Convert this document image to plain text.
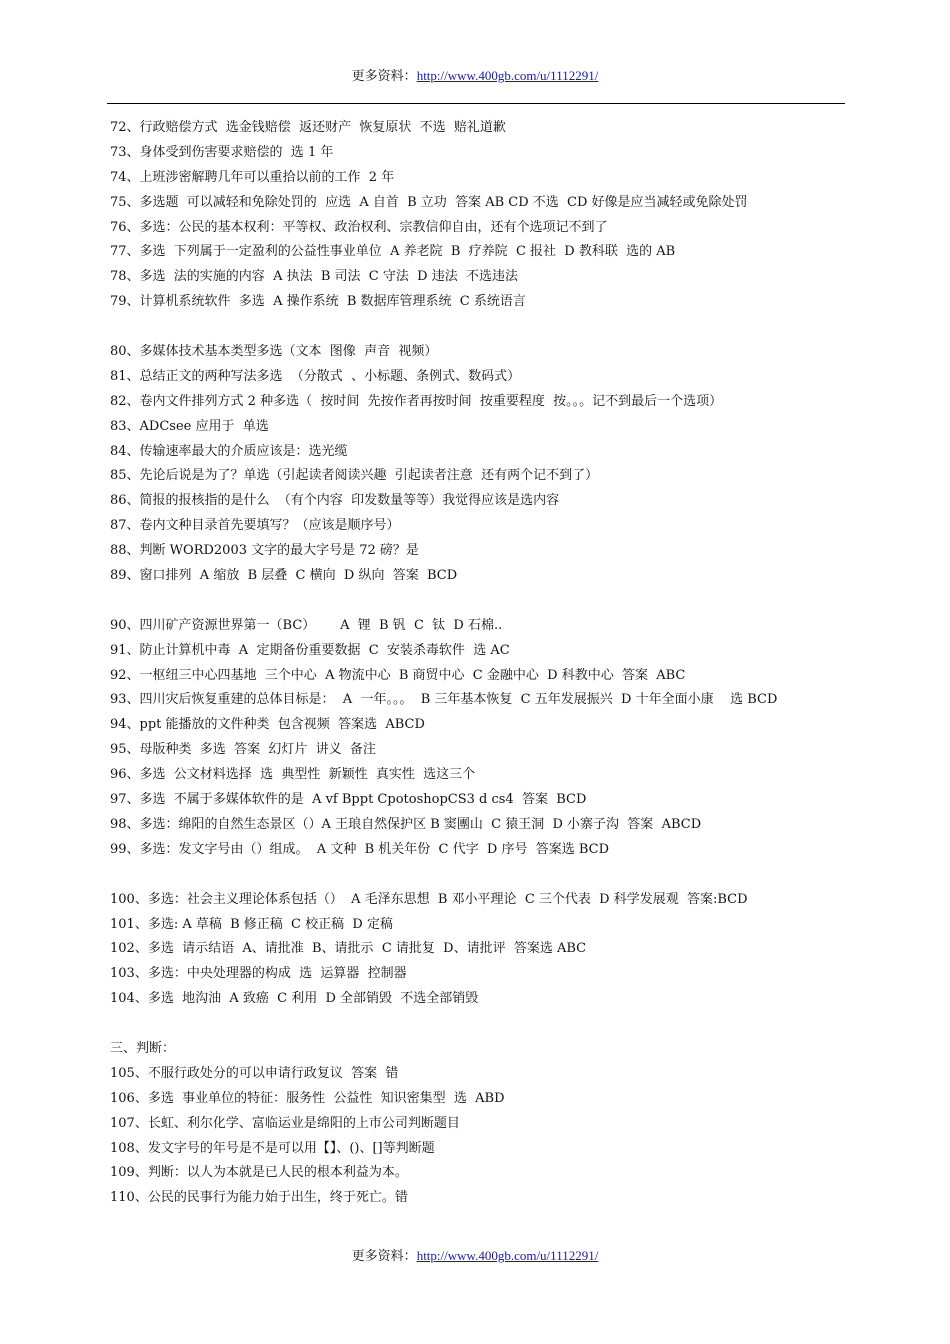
更多资料：http://www.400gb.com/u/1112291/
72、行政赔偿方式  选金钱赔偿  返还财产  恢复原状  不选  赔礼道歉
73、身体受到伤害要求赔偿的  选 1 年
74、上班涉密解聘几年可以重拾以前的工作  2 年
75、多选题  可以减轻和免除处罚的  应选  A 自首  B 立功  答案 AB CD 不选  CD 好像是应当减轻或免除处罚
76、多选：公民的基本权利：平等权、政治权利、宗教信仰自由，还有个选项记不到了
77、多选  下列属于一定盈利的公益性事业单位  A 养老院  B  疗养院  C 报社  D 教科联  选的 AB
78、多选  法的实施的内容  A 执法  B 司法  C 守法  D 违法  不选违法
79、计算机系统软件  多选  A 操作系统  B 数据库管理系统  C 系统语言
80、多媒体技术基本类型多选（文本  图像  声音  视频）
81、总结正文的两种写法多选  （分散式  、小标题、条例式、数码式）
82、卷内文件排列方式 2 种多选（  按时间  先按作者再按时间  按重要程度  按。。。记不到最后一个选项）
83、ADCsee 应用于  单选
84、传输速率最大的介质应该是：选光缆
85、先论后说是为了？单选（引起读者阅读兴趣  引起读者注意  还有两个记不到了）
86、简报的报核指的是什么  （有个内容  印发数量等等）我觉得应该是选内容
87、卷内文种目录首先要填写？（应该是顺序号）
88、判断 WORD2003 文字的最大字号是 72 磅？是
89、窗口排列  A 缩放  B 层叠  C 横向  D 纵向  答案  BCD
90、四川矿产资源世界第一（BC）      A  锂  B 钒  C  钛  D 石棉..
91、防止计算机中毒  A  定期备份重要数据  C  安装杀毒软件  选 AC
92、一枢纽三中心四基地  三个中心  A 物流中心  B 商贸中心  C 金融中心  D 科教中心  答案  ABC
93、四川灾后恢复重建的总体目标是：  A  一年。。。  B 三年基本恢复  C 五年发展振兴  D 十年全面小康    选 BCD
94、ppt 能播放的文件种类  包含视频  答案选  ABCD
95、母版种类  多选  答案  幻灯片  讲义  备注
96、多选  公文材料选择  选  典型性  新颖性  真实性  选这三个
97、多选  不属于多媒体软件的是  A vf Bppt CpotoshopCS3 d cs4  答案  BCD
98、多选：绵阳的自然生态景区（）A 王琅自然保护区 B 窦團山  C 猿王洞  D 小寨子沟  答案  ABCD
99、多选：发文字号由（）组成。  A 文种  B 机关年份  C 代字  D 序号  答案选 BCD
100、多选：社会主义理论体系包括（）  A 毛泽东思想  B 邓小平理论  C 三个代表  D 科学发展观  答案:BCD
101、多选: A 草稿  B 修正稿  C 校正稿  D 定稿
102、多选  请示结语  A、请批准  B、请批示  C 请批复  D、请批评  答案选 ABC
103、多选：中央处理器的构成  选  运算器  控制器
104、多选  地沟油  A 致癌  C 利用  D 全部销毁  不选全部销毁
三、判断：
105、不服行政处分的可以申请行政复议  答案  错
106、多选  事业单位的特征：服务性  公益性  知识密集型  选  ABD
107、长虹、利尔化学、富临运业是绵阳的上市公司判断题目
108、发文字号的年号是不是可以用【】、()、[]等判断题
109、判断：以人为本就是已人民的根本利益为本。
110、公民的民事行为能力始于出生，终于死亡。错
更多资料：http://www.400gb.com/u/1112291/
